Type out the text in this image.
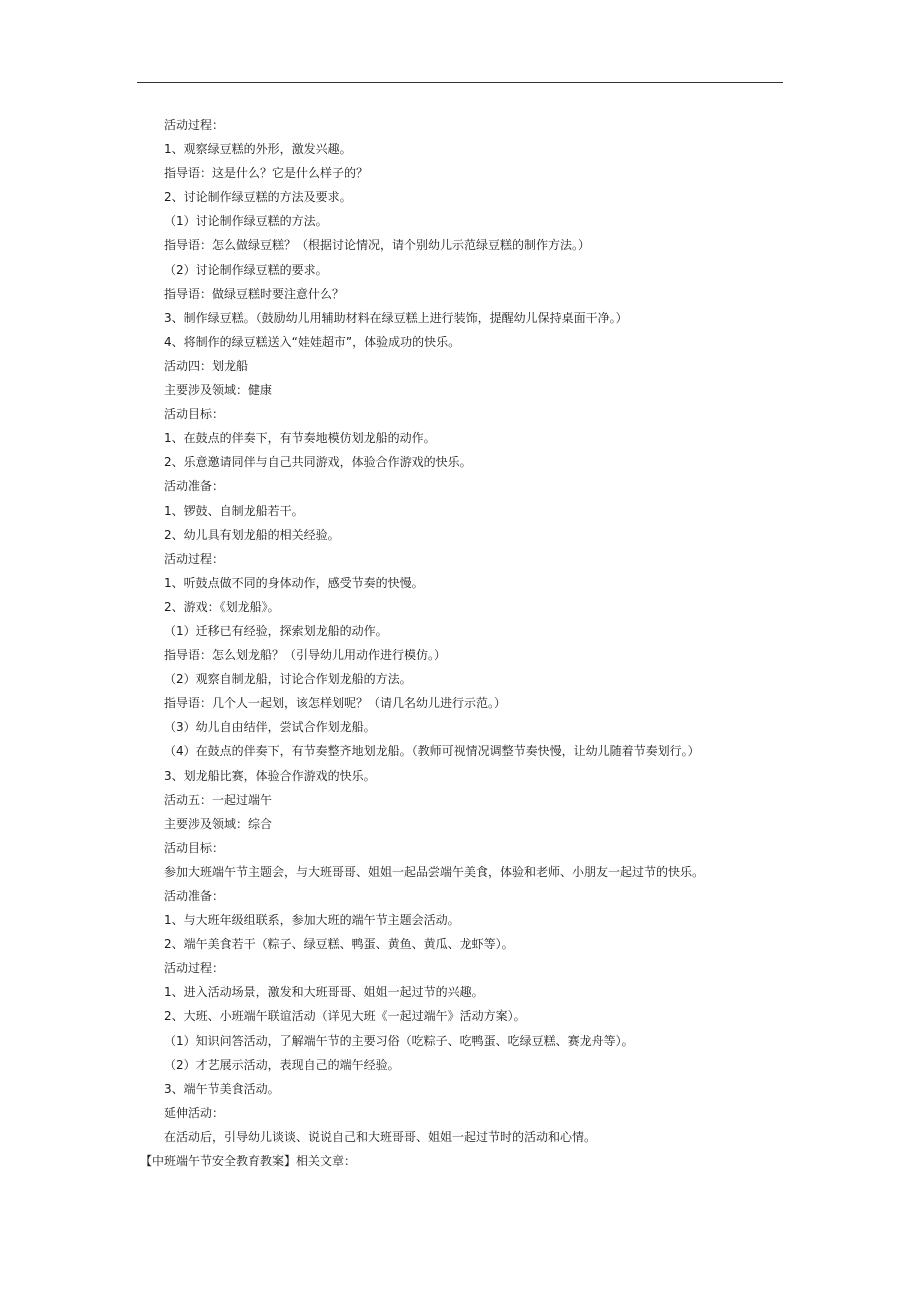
活动过程：
1、观察绿豆糕的外形，激发兴趣。
指导语：这是什么？它是什么样子的？
2、讨论制作绿豆糕的方法及要求。
（1）讨论制作绿豆糕的方法。
指导语：怎么做绿豆糕？（根据讨论情况，请个别幼儿示范绿豆糕的制作方法。）
（2）讨论制作绿豆糕的要求。
指导语：做绿豆糕时要注意什么？
3、制作绿豆糕。（鼓励幼儿用辅助材料在绿豆糕上进行装饰，提醒幼儿保持桌面干净。）
4、将制作的绿豆糕送入“娃娃超市”，体验成功的快乐。
活动四：划龙船
主要涉及领域：健康
活动目标：
1、在鼓点的伴奏下，有节奏地模仿划龙船的动作。
2、乐意邀请同伴与自己共同游戏，体验合作游戏的快乐。
活动准备：
1、锣鼓、自制龙船若干。
2、幼儿具有划龙船的相关经验。
活动过程：
1、听鼓点做不同的身体动作，感受节奏的快慢。
2、游戏：《划龙船》。
（1）迁移已有经验，探索划龙船的动作。
指导语：怎么划龙船？（引导幼儿用动作进行模仿。）
（2）观察自制龙船，讨论合作划龙船的方法。
指导语：几个人一起划，该怎样划呢？（请几名幼儿进行示范。）
（3）幼儿自由结伴，尝试合作划龙船。
（4）在鼓点的伴奏下，有节奏整齐地划龙船。（教师可视情况调整节奏快慢，让幼儿随着节奏划行。）
3、划龙船比赛，体验合作游戏的快乐。
活动五：一起过端午
主要涉及领域：综合
活动目标：
参加大班端午节主题会，与大班哥哥、姐姐一起品尝端午美食，体验和老师、小朋友一起过节的快乐。
活动准备：
1、与大班年级组联系，参加大班的端午节主题会活动。
2、端午美食若干（粽子、绿豆糕、鸭蛋、黄鱼、黄瓜、龙虾等）。
活动过程：
1、进入活动场景，激发和大班哥哥、姐姐一起过节的兴趣。
2、大班、小班端午联谊活动（详见大班《一起过端午》活动方案）。
（1）知识问答活动，了解端午节的主要习俗（吃粽子、吃鸭蛋、吃绿豆糕、赛龙舟等）。
（2）才艺展示活动，表现自己的端午经验。
3、端午节美食活动。
延伸活动：
在活动后，引导幼儿谈谈、说说自己和大班哥哥、姐姐一起过节时的活动和心情。
【中班端午节安全教育教案】相关文章：
